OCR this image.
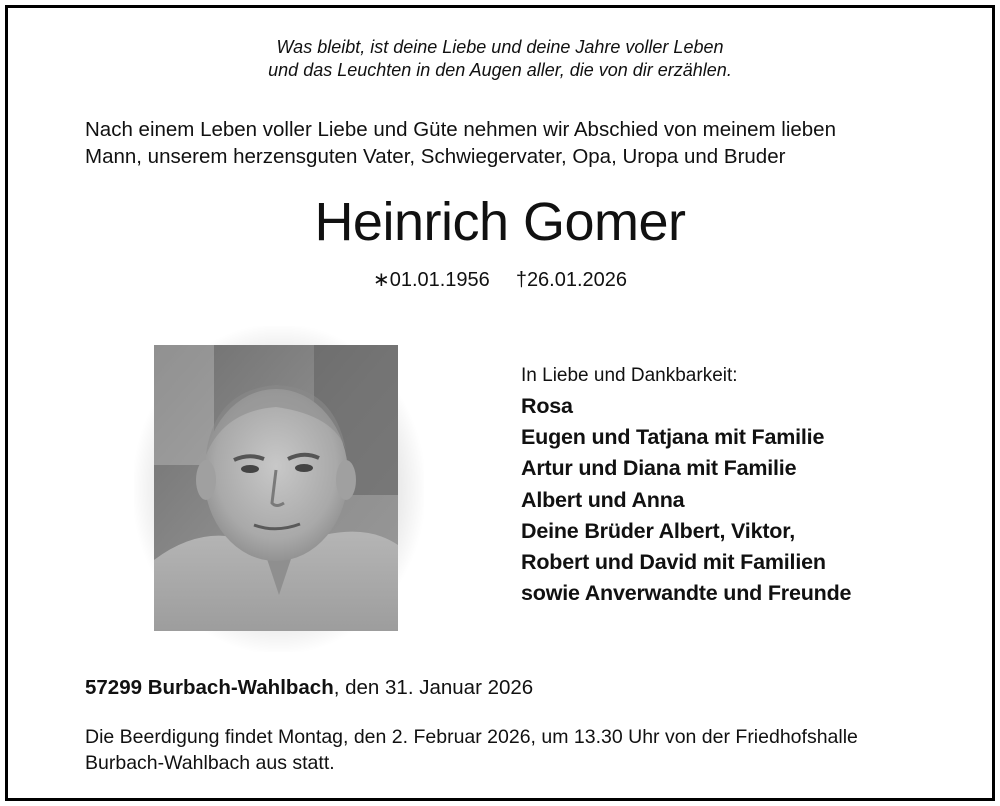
Was bleibt, ist deine Liebe und deine Jahre voller Leben
und das Leuchten in den Augen aller, die von dir erzählen.
Nach einem Leben voller Liebe und Güte nehmen wir Abschied von meinem lieben
Mann, unserem herzensguten Vater, Schwiegervater, Opa, Uropa und Bruder
Heinrich Gomer
∗01.01.1956 †26.01.2026
In Liebe und Dankbarkeit:
Rosa
Eugen und Tatjana mit Familie
Artur und Diana mit Familie
Albert und Anna
Deine Brüder Albert, Viktor,
Robert und David mit Familien
sowie Anverwandte und Freunde
57299 Burbach-Wahlbach, den 31. Januar 2026
Die Beerdigung findet Montag, den 2. Februar 2026, um 13.30 Uhr von der Friedhofshalle
Burbach-Wahlbach aus statt.
